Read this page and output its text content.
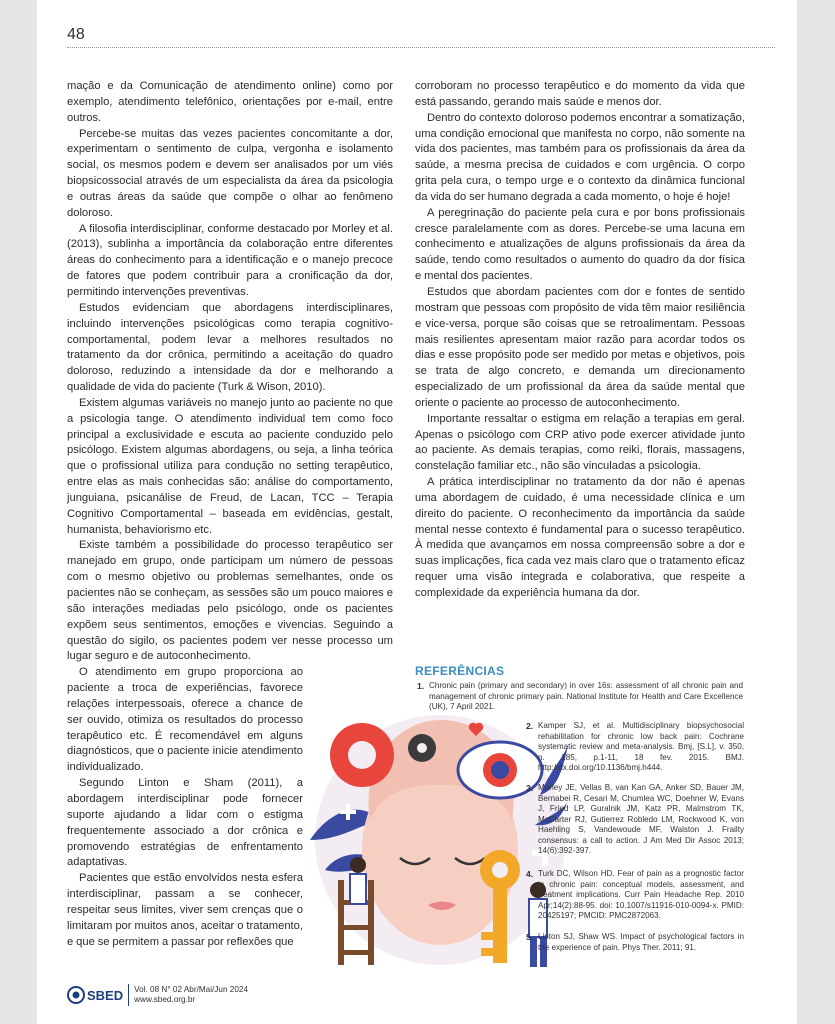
48

mação e da Comunicação de atendimento online) como por exemplo, atendimento telefônico, orientações por e-mail, entre outros.

Percebe-se muitas das vezes pacientes concomitante a dor, experimentam o sentimento de culpa, vergonha e isolamento social, os mesmos podem e devem ser analisados por um viés biopsicossocial através de um especialista da área da psicologia e outras áreas da saúde que compõe o olhar ao fenômeno doloroso.

A filosofia interdisciplinar, conforme destacado por Morley et al. (2013), sublinha a importância da colaboração entre diferentes áreas do conhecimento para a identificação e o manejo precoce de fatores que podem contribuir para a cronificação da dor, permitindo intervenções preventivas.

Estudos evidenciam que abordagens interdisciplinares, incluindo intervenções psicológicas como terapia cognitivo-comportamental, podem levar a melhores resultados no tratamento da dor crônica, permitindo a aceitação do quadro doloroso, reduzindo a intensidade da dor e melhorando a qualidade de vida do paciente (Turk & Wison, 2010).

Existem algumas variáveis no manejo junto ao paciente no que a psicologia tange. O atendimento individual tem como foco principal a exclusividade e escuta ao paciente conduzido pelo psicólogo. Existem algumas abordagens, ou seja, a linha teórica que o profissional utiliza para condução no setting terapêutico, entre elas as mais conhecidas são: análise do comportamento, junguiana, psicanálise de Freud, de Lacan, TCC – Terapia Cognitivo Comportamental – baseada em evidências, gestalt, humanista, behaviorismo etc.

Existe também a possibilidade do processo terapêutico ser manejado em grupo, onde participam um número de pessoas com o mesmo objetivo ou problemas semelhantes, onde os pacientes não se conheçam, as sessões são um pouco maiores e são interações mediadas pelo psicólogo, onde os pacientes expõem seus sentimentos, emoções e vivencias. Seguindo a questão do sigilo, os pacientes podem ver nesse processo um lugar seguro e de autoconhecimento.

O atendimento em grupo proporciona ao paciente a troca de experiências, favorece relações interpessoais, oferece a chance de ser ouvido, otimiza os resultados do processo terapêutico etc. É recomendável em alguns diagnósticos, que o paciente inicie atendimento individualizado.

Segundo Linton e Sham (2011), a abordagem interdisciplinar pode fornecer suporte ajudando a lidar com o estigma frequentemente associado a dor crônica e promovendo estratégias de enfrentamento adaptativas.

Pacientes que estão envolvidos nesta esfera interdisciplinar, passam a se conhecer, respeitar seus limites, viver sem crenças que o limitaram por muitos anos, aceitar o tratamento, e que se permitem a passar por reflexões que

corroboram no processo terapêutico e do momento da vida que está passando, gerando mais saúde e menos dor.

Dentro do contexto doloroso podemos encontrar a somatização, uma condição emocional que manifesta no corpo, não somente na vida dos pacientes, mas também para os profissionais da área da saúde, a mesma precisa de cuidados e com urgência. O corpo grita pela cura, o tempo urge e o contexto da dinâmica funcional da vida do ser humano degrada a cada momento, o hoje é hoje!

A peregrinação do paciente pela cura e por bons profissionais cresce paralelamente com as dores. Percebe-se uma lacuna em conhecimento e atualizações de alguns profissionais da área da saúde, tendo como resultados o aumento do quadro da dor física e mental dos pacientes.

Estudos que abordam pacientes com dor e fontes de sentido mostram que pessoas com propósito de vida têm maior resiliência e vice-versa, porque são coisas que se retroalimentam. Pessoas mais resilientes apresentam maior razão para acordar todos os dias e esse propósito pode ser medido por metas e objetivos, pois se trata de algo concreto, e demanda um direcionamento especializado de um profissional da área da saúde mental que oriente o paciente ao processo de autoconhecimento.

Importante ressaltar o estigma em relação a terapias em geral. Apenas o psicólogo com CRP ativo pode exercer atividade junto ao paciente. As demais terapias, como reiki, florais, massagens, constelação familiar etc., não são vinculadas a psicologia.

A prática interdisciplinar no tratamento da dor não é apenas uma abordagem de cuidado, é uma necessidade clínica e um direito do paciente. O reconhecimento da importância da saúde mental nesse contexto é fundamental para o sucesso terapêutico. À medida que avançamos em nossa compreensão sobre a dor e suas implicações, fica cada vez mais claro que o tratamento eficaz requer uma visão integrada e colaborativa, que respeite a complexidade da experiência humana da dor.

REFERÊNCIAS
1. Chronic pain (primary and secondary) in over 16s: assessment of all chronic pain and management of chronic primary pain. National Institute for Health and Care Excellence (UK), 7 April 2021.
2. Kamper SJ, et al. Multidisciplinary biopsychosocial rehabilitation for chronic low back pain: Cochrane systematic review and meta-analysis. Bmj, [S.L], v. 350, n. 185, p.1-11, 18 fev. 2015. BMJ. http://dx.doi.org/10.1136/bmj.h444.
3. Morley JE, Vellas B, van Kan GA, Anker SD, Bauer JM, Bernabei R, Cesari M, Chumlea WC, Doehner W, Evans J, Fried LP, Guralnik JM, Katz PR, Malmstrom TK, McCarter RJ, Gutierrez Robledo LM, Rockwood K, von Haehling S, Vandewoude MF, Walston J. Frailty consensus: a call to action. J Am Med Dir Assoc 2013; 14(6):392-397.
4. Turk DC, Wilson HD. Fear of pain as a prognostic factor in chronic pain: conceptual models, assessment, and treatment implications. Curr Pain Headache Rep. 2010 Apr;14(2):88-95. doi: 10.1007/s11916-010-0094-x. PMID: 20425197; PMCID: PMC2872063.
5. Linton SJ, Shaw WS. Impact of psychological factors in the experience of pain. Phys Ther. 2011; 91.
SBED Vol. 08 N° 02 Abr/Mai/Jun 2024
www.sbed.org.br
